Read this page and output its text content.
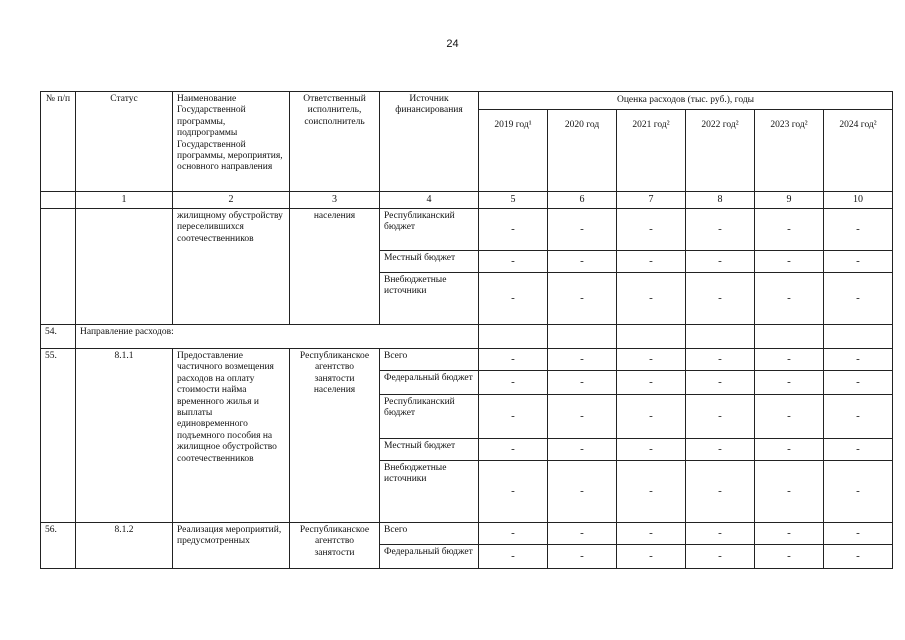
24
№ п/п	Статус	Наименование Государственной программы, подпрограммы Государственной программы, мероприятия, основного направления	Ответственный исполнитель, соисполнитель	Источник финансирования	Оценка расходов (тыс. руб.), годы					
					2019 год¹	2020 год	2021 год²	2022 год²	2023 год²	2024 год²
	1	2	3	4	5	6	7	8	9	10
		жилищному обустройству переселившихся соотечественников	населения	Республиканский бюджет	-	-	-	-	-	-
				Местный бюджет	-	-	-	-	-	-
				Внебюджетные источники	-	-	-	-	-	-
54.	Направление расходов:									
55.	8.1.1	Предоставление частичного возмещения расходов на оплату стоимости найма временного жилья и выплаты единовременного подъемного пособия на жилищное обустройство соотечественников	Республиканское агентство занятости населения	Всего	-	-	-	-	-	-
				Федеральный бюджет	-	-	-	-	-	-
				Республиканский бюджет	-	-	-	-	-	-
				Местный бюджет	-	-	-	-	-	-
				Внебюджетные источники	-	-	-	-	-	-
56.	8.1.2	Реализация мероприятий, предусмотренных	Республиканское агентство занятости	Всего	-	-	-	-	-	-
				Федеральный бюджет	-	-	-	-	-	-
